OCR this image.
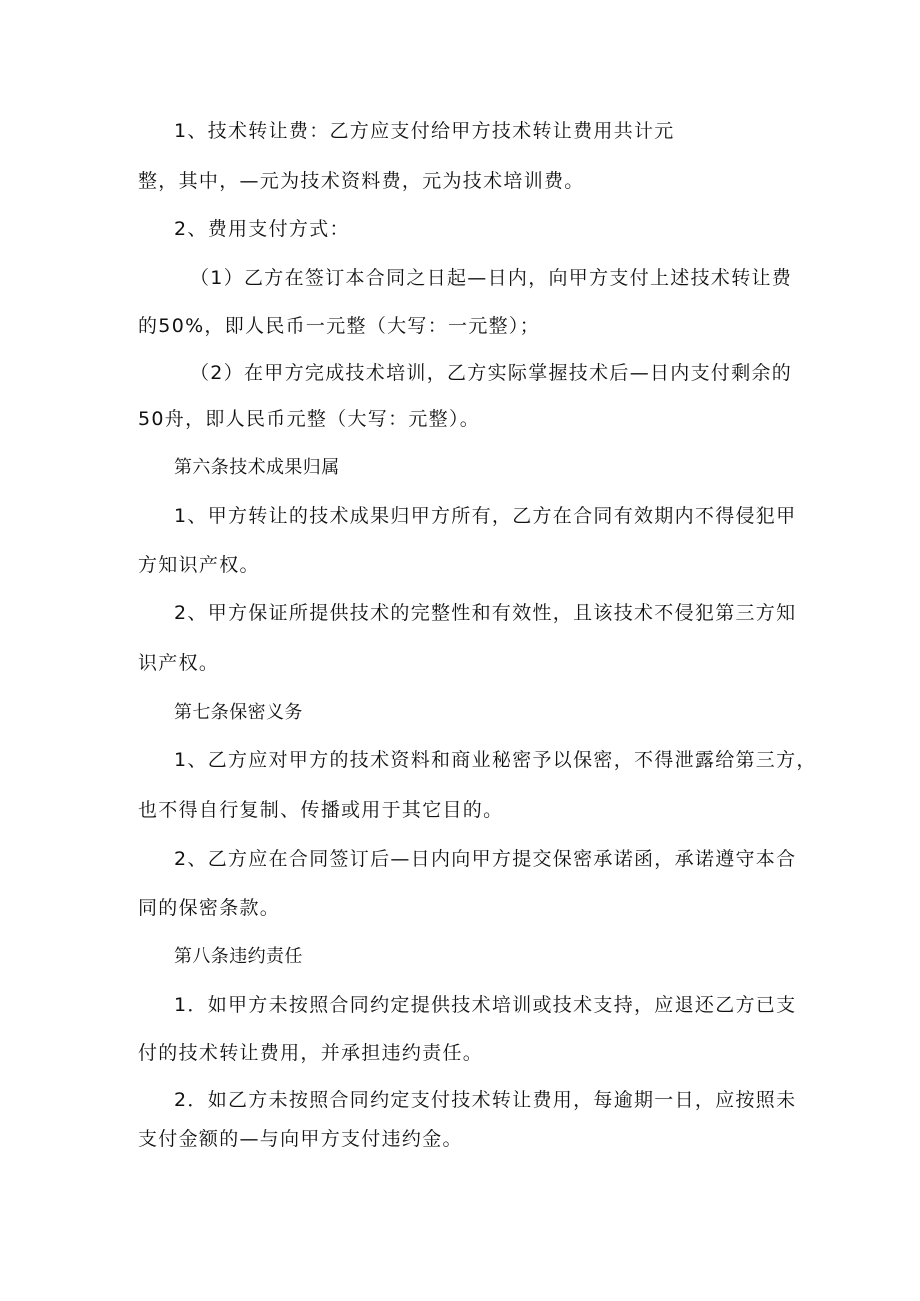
1、技术转让费：乙方应支付给甲方技术转让费用共计元
整，其中，—元为技术资料费，元为技术培训费。
2、费用支付方式：
（1）乙方在签订本合同之日起—日内，向甲方支付上述技术转让费
的50%，即人民币一元整（大写：一元整）；
（2）在甲方完成技术培训，乙方实际掌握技术后—日内支付剩余的
50舟，即人民币元整（大写：元整）。
第六条技术成果归属
1、甲方转让的技术成果归甲方所有，乙方在合同有效期内不得侵犯甲
方知识产权。
2、甲方保证所提供技术的完整性和有效性，且该技术不侵犯第三方知
识产权。
第七条保密义务
1、乙方应对甲方的技术资料和商业秘密予以保密，不得泄露给第三方，
也不得自行复制、传播或用于其它目的。
2、乙方应在合同签订后—日内向甲方提交保密承诺函，承诺遵守本合
同的保密条款。
第八条违约责任
1．如甲方未按照合同约定提供技术培训或技术支持，应退还乙方已支
付的技术转让费用，并承担违约责任。
2．如乙方未按照合同约定支付技术转让费用，每逾期一日，应按照未
支付金额的—与向甲方支付违约金。
